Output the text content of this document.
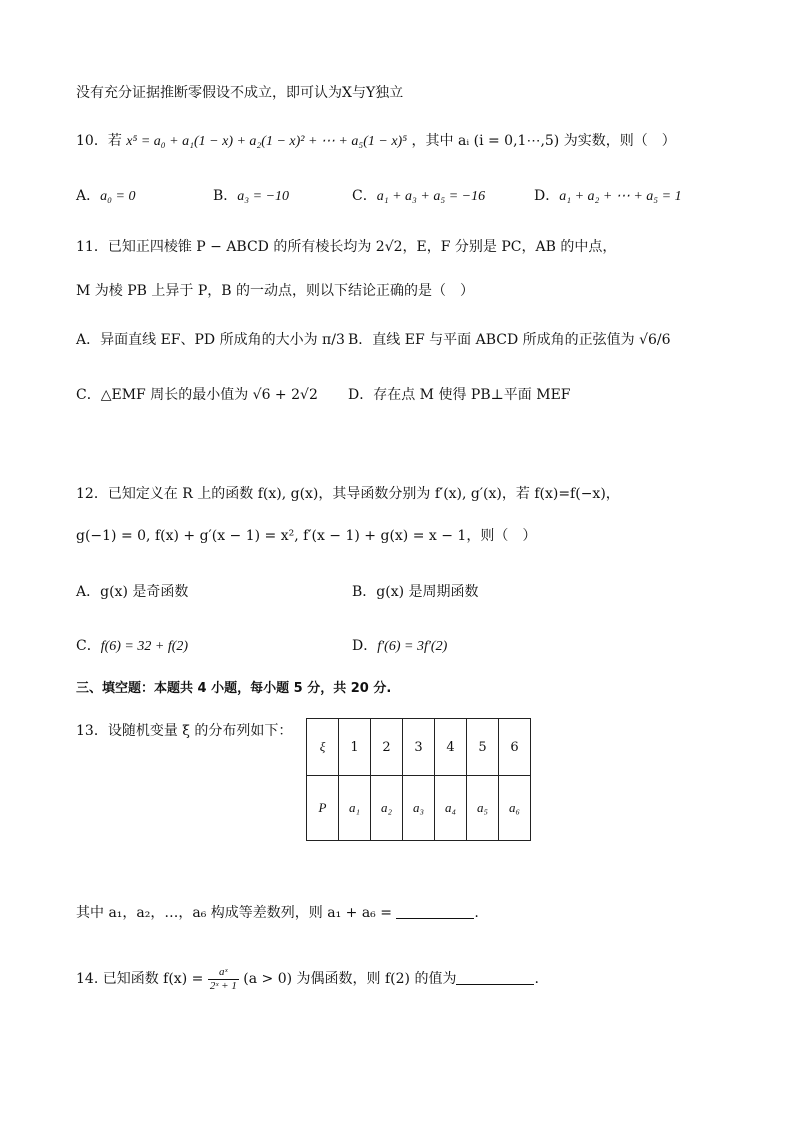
没有充分证据推断零假设不成立，即可认为X与Y独立
10．若 x⁵ = a₀ + a₁(1 − x) + a₂(1 − x)² + ⋯ + a₅(1 − x)⁵ ，其中 aᵢ (i = 0,1⋯,5) 为实数，则（　）
A．a₀ = 0	B．a₃ = −10	C．a₁ + a₃ + a₅ = −16	D．a₁ + a₂ + ⋯ + a₅ = 1
11．已知正四棱锥 P − ABCD 的所有棱长均为 2√2，E，F 分别是 PC，AB 的中点，
M 为棱 PB 上异于 P，B 的一动点，则以下结论正确的是（　）
A．异面直线 EF、PD 所成角的大小为 π/3 B．直线 EF 与平面 ABCD 所成角的正弦值为 √6/6
C．△EMF 周长的最小值为 √6 + 2√2 D．存在点 M 使得 PB⊥平面 MEF
12．已知定义在 R 上的函数 f(x), g(x)，其导函数分别为 f′(x), g′(x)，若 f(x)=f(−x)，
g(−1) = 0, f(x) + g′(x − 1) = x², f′(x − 1) + g(x) = x − 1，则（　）
A．g(x) 是奇函数	B．g(x) 是周期函数
C．f(6) = 32 + f(2)	D．f′(6) = 3f′(2)
三、填空题：本题共 4 小题，每小题 5 分，共 20 分.
13．设随机变量 ξ 的分布列如下：
ξ	1	2	3	4	5	6
P	a₁	a₂	a₃	a₄	a₅	a₆
其中 a₁，a₂，…，a₆ 构成等差数列，则 a₁ + a₆ =	.
14. 已知函数 $f(x) = \frac{\text{aˣ}}{\text{2ˣ + 1}} (a > 0)$ 为偶函数，则 f(2) 的值为	.
